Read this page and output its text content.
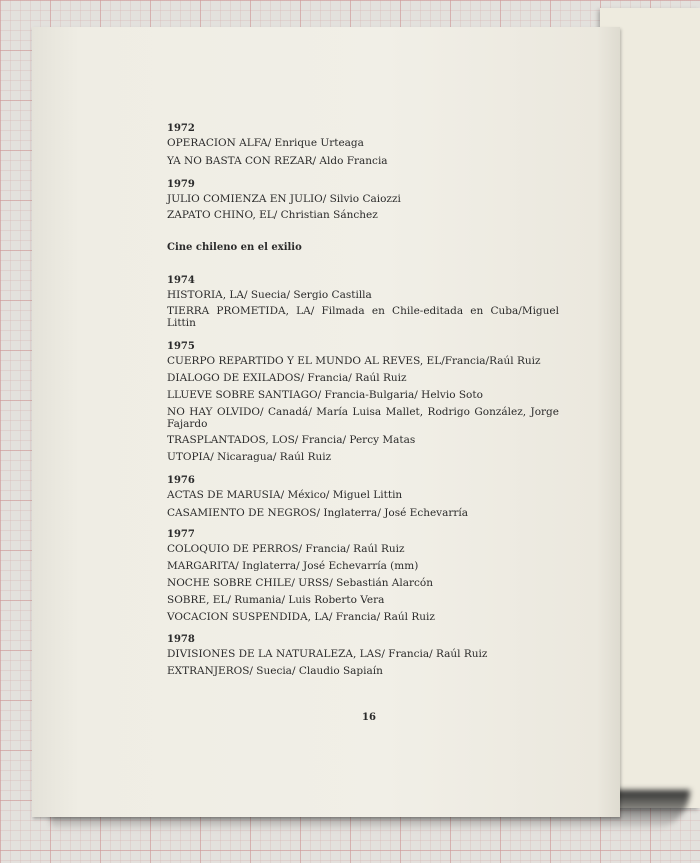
1972

OPERACION ALFA/ Enrique Urteaga

YA NO BASTA CON REZAR/ Aldo Francia

1979

JULIO COMIENZA EN JULIO/ Silvio Caiozzi

ZAPATO CHINO, EL/ Christian Sánchez

Cine chileno en el exilio

1974

HISTORIA, LA/ Suecia/ Sergio Castilla

TIERRA PROMETIDA, LA/ Filmada en Chile-editada en Cuba/Miguel Littin

1975

CUERPO REPARTIDO Y EL MUNDO AL REVES, EL/Francia/Raúl Ruiz

DIALOGO DE EXILADOS/ Francia/ Raúl Ruiz

LLUEVE SOBRE SANTIAGO/ Francia-Bulgaria/ Helvio Soto

NO HAY OLVIDO/ Canadá/ María Luisa Mallet, Rodrigo González, Jorge Fajardo

TRASPLANTADOS, LOS/ Francia/ Percy Matas

UTOPIA/ Nicaragua/ Raúl Ruiz

1976

ACTAS DE MARUSIA/ México/ Miguel Littin

CASAMIENTO DE NEGROS/ Inglaterra/ José Echevarría

1977

COLOQUIO DE PERROS/ Francia/ Raúl Ruiz

MARGARITA/ Inglaterra/ José Echevarría (mm)

NOCHE SOBRE CHILE/ URSS/ Sebastián Alarcón

SOBRE, EL/ Rumania/ Luis Roberto Vera

VOCACION SUSPENDIDA, LA/ Francia/ Raúl Ruiz

1978

DIVISIONES DE LA NATURALEZA, LAS/ Francia/ Raúl Ruiz

EXTRANJEROS/ Suecia/ Claudio Sapiaín

16
